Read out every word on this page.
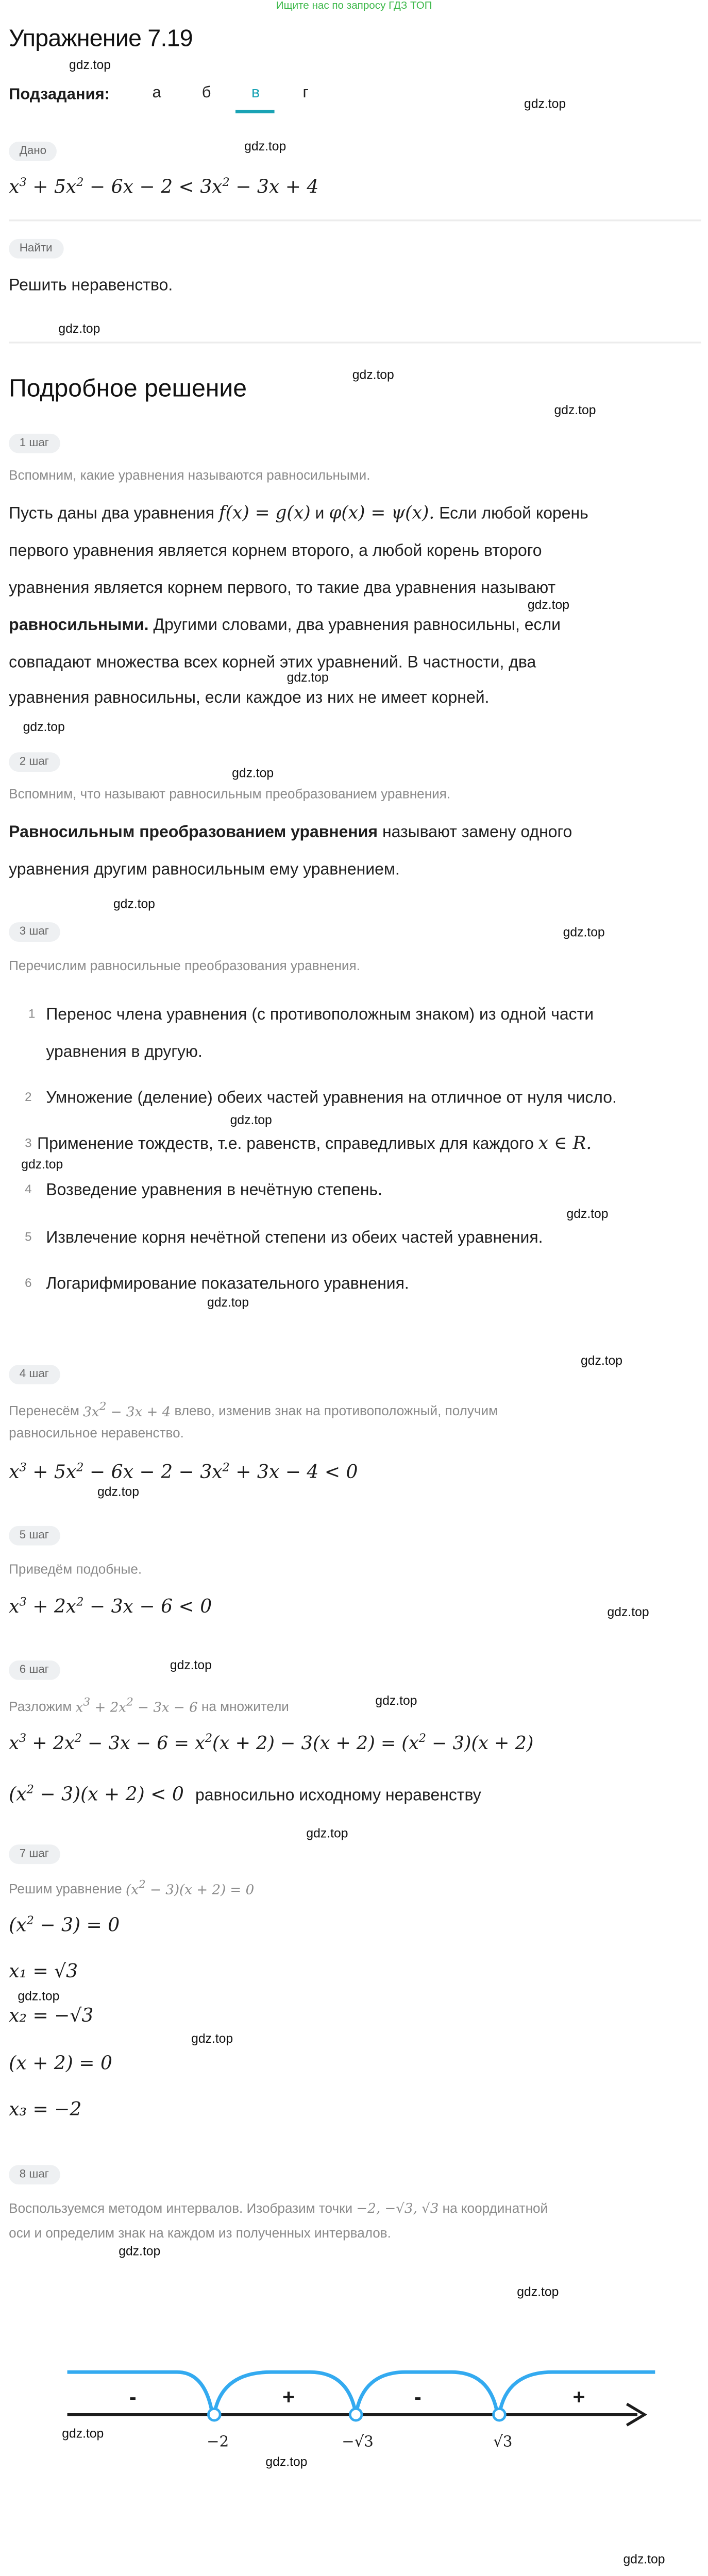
Ищите нас по запросу ГДЗ ТОП
Упражнение 7.19
gdz.top
Подзадания:	а	б	в	г
gdz.top
Дано	gdz.top
$x^3 + 5x^2 - 6x - 2 < 3x^2 - 3x + 4$
Найти
Решить неравенство.
gdz.top
Подробное решение	gdz.top
gdz.top
1 шаг
Вспомним, какие уравнения называются равносильными.
Пусть даны два уравнения f(x) = g(x) и φ(x) = ψ(x). Если любой корень
первого уравнения является корнем второго, а любой корень второго
уравнения является корнем первого, то такие два уравнения называют
gdz.top
равносильными. Другими словами, два уравнения равносильны, если
совпадают множества всех корней этих уравнений. В частности, два
gdz.top
уравнения равносильны, если каждое из них не имеет корней.
gdz.top
2 шаг
gdz.top
Вспомним, что называют равносильным преобразованием уравнения.
Равносильным преобразованием уравнения называют замену одного
уравнения другим равносильным ему уравнением.
gdz.top
3 шаг	gdz.top
Перечислим равносильные преобразования уравнения.
1 Перенос члена уравнения (с противоположным знаком) из одной части
уравнения в другую.
2	Умножение (деление) обеих частей уравнения на отличное от нуля число.
gdz.top
3 Применение тождеств, т.е. равенств, справедливых для каждого x ∈ R.
gdz.top
4	Возведение уравнения в нечётную степень.
gdz.top
5	Извлечение корня нечётной степени из обеих частей уравнения.
6	Логарифмирование показательного уравнения.
gdz.top
gdz.top
4 шаг
Перенесём $3x^2 - 3x + 4$ влево, изменив знак на противоположный, получим
равносильное неравенство.
$x^3 + 5x^2 - 6x - 2 - 3x^2 + 3x - 4 < 0$
gdz.top
5 шаг
Приведём подобные.
$x^3 + 2x^2 - 3x - 6 < 0$	gdz.top
6 шаг	gdz.top
Разложим $x^3 + 2x^2 - 3x - 6$ на множители	gdz.top
$x^3 + 2x^2 - 3x - 6 = x^2(x + 2) - 3(x + 2) = (x^2 - 3)(x + 2)$
$(x^2 - 3)(x + 2) < 0$ равносильно исходному неравенству
gdz.top
7 шаг
Решим уравнение $(x^2 - 3)(x + 2) = 0$
$(x^2 - 3) = 0$
x₁ = √3
gdz.top
x₂ = −√3
gdz.top
(x + 2) = 0
x₃ = −2
8 шаг
Воспользуемся методом интервалов. Изобразим точки −2, −√3, √3 на координатной
оси и определим знак на каждом из полученных интервалов.
gdz.top
gdz.top
-	+	-	+
−2	−√3	√3
gdz.top
gdz.top
gdz.top
